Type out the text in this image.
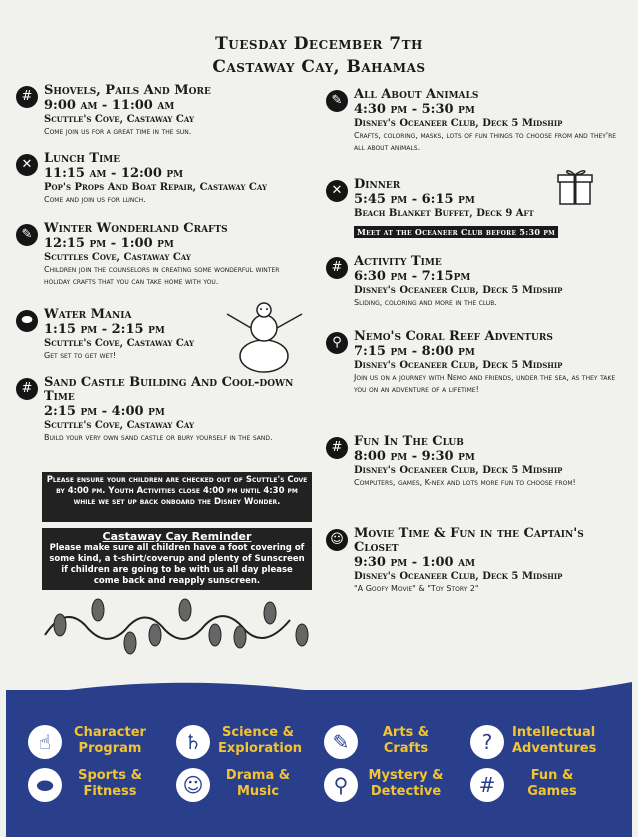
Tuesday December 7th
Castaway Cay, Bahamas
# Shovels, Pails And More
9:00 am - 11:00 am
Scuttle's Cove, Castaway Cay
Come join us for a great time in the sun.
✕ Lunch Time
11:15 am - 12:00 pm
Pop's Props And Boat Repair, Castaway Cay
Come and join us for lunch.
✎ Winter Wonderland Crafts
12:15 pm - 1:00 pm
Scuttles Cove, Castaway Cay
Children join the counselors in creating some wonderful winter holiday crafts that you can take home with you.
⬬ Water Mania
1:15 pm - 2:15 pm
Scuttle's Cove, Castaway Cay
Get set to get wet!
# Sand Castle Building And Cool-down Time
2:15 pm - 4:00 pm
Scuttle's Cove, Castaway Cay
Build your very own sand castle or bury yourself in the sand.
✎ All About Animals
4:30 pm - 5:30 pm
Disney's Oceaneer Club, Deck 5 Midship
Crafts, coloring, masks, lots of fun things to choose from and they're all about animals.
✕ Dinner
5:45 pm - 6:15 pm
Beach Blanket Buffet, Deck 9 Aft
Meet at the Oceaneer Club before 5:30 pm
# Activity Time
6:30 pm - 7:15pm
Disney's Oceaneer Club, Deck 5 Midship
Sliding, coloring and more in the club.
⚲ Nemo's Coral Reef Adventurs
7:15 pm - 8:00 pm
Disney's Oceaneer Club, Deck 5 Midship
Join us on a journey with Nemo and friends, under the sea, as they take you on an adventure of a lifetime!
# Fun In The Club
8:00 pm - 9:30 pm
Disney's Oceaneer Club, Deck 5 Midship
Computers, games, K-nex and lots more fun to choose from!
☺ Movie Time & Fun in the Captain's Closet
9:30 pm - 1:00 am
Disney's Oceaneer Club, Deck 5 Midship
"A Goofy Movie" & "Toy Story 2"
Please ensure your children are checked out of Scuttle's Cove by 4:00 pm. Youth Activities close 4:00 pm until 4:30 pm while we set up back onboard the Disney Wonder.
Castaway Cay Reminder
Please make sure all children have a foot covering of some kind, a t-shirt/coverup and plenty of Sunscreen if children are going to be with us all day please come back and reapply sunscreen.
☝	Character Program	♄	Science & Exploration	✎	Arts & Crafts	?	Intellectual Adventures
⬬	Sports & Fitness	☺	Drama & Music	⚲	Mystery & Detective	#	Fun & Games
